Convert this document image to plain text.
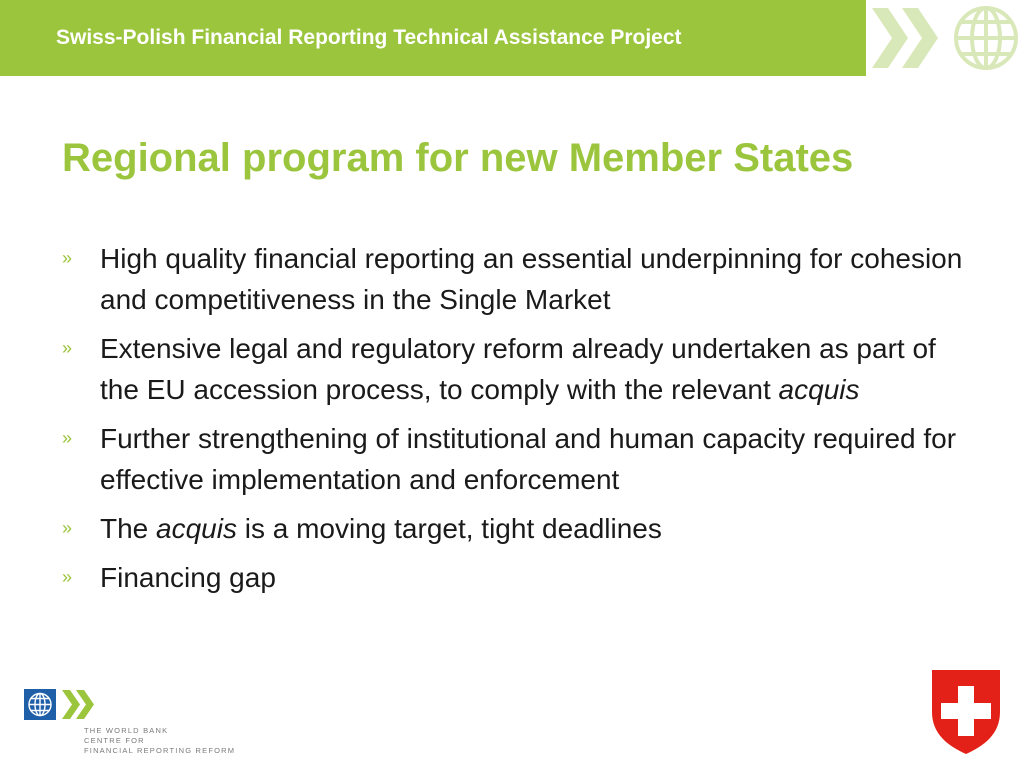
Swiss-Polish Financial Reporting Technical Assistance Project
Regional program for new Member States
» High quality financial reporting an essential underpinning for cohesion and competitiveness in the Single Market
» Extensive legal and regulatory reform already undertaken as part of the EU accession process, to comply with the relevant acquis
» Further strengthening of institutional and human capacity required for effective implementation and enforcement
» The acquis is a moving target, tight deadlines
» Financing gap

THE WORLD BANK

CENTRE FOR

FINANCIAL REPORTING REFORM
